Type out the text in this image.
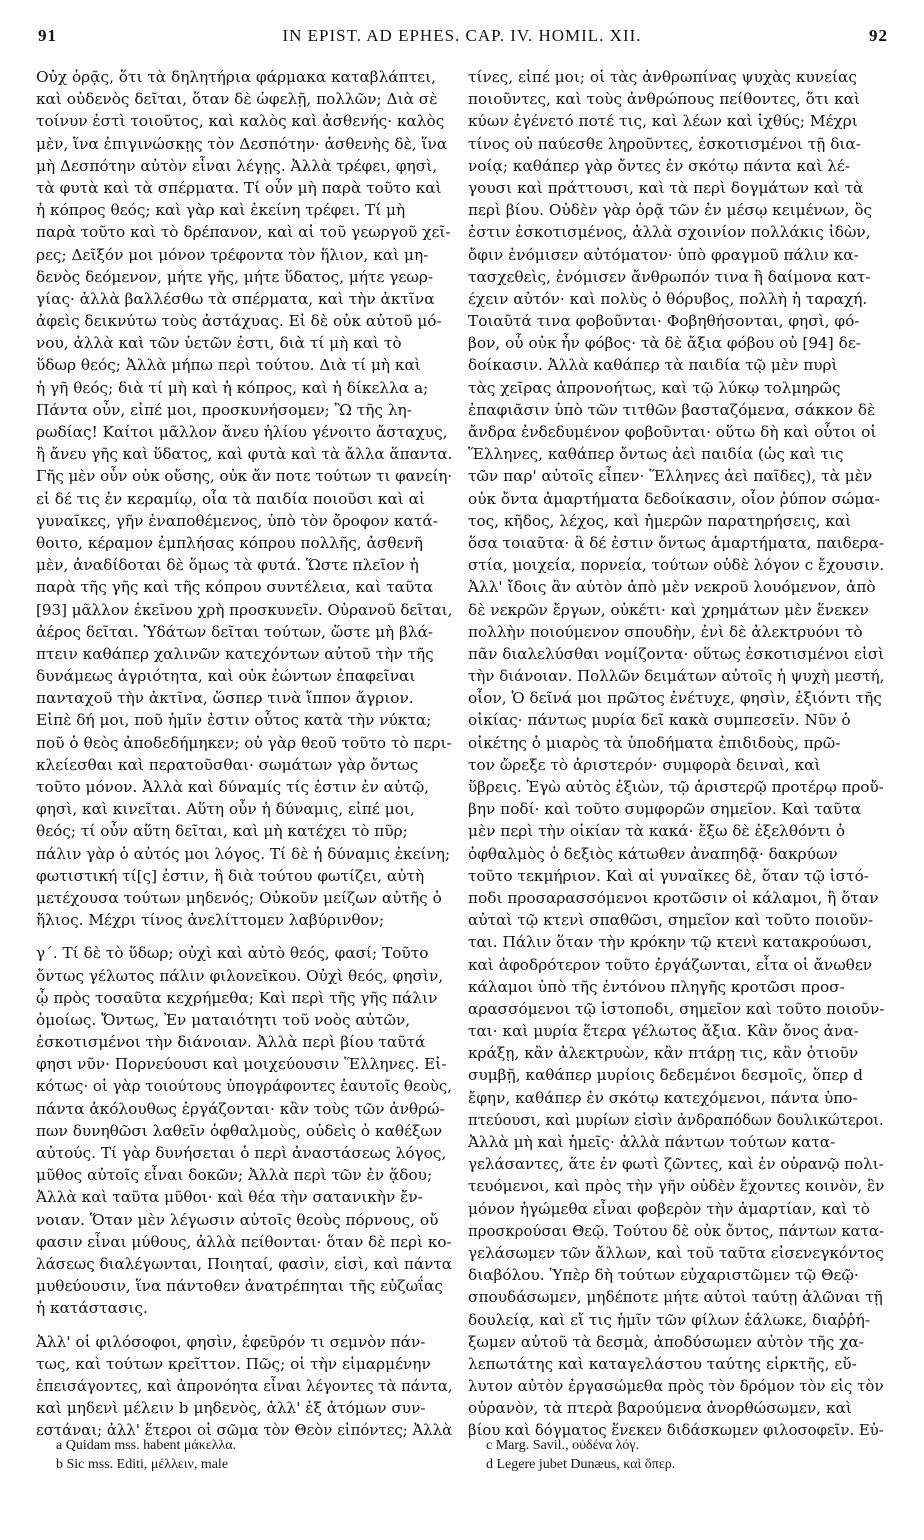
91	IN EPIST. AD EPHES. CAP. IV. HOMIL. XII.	92
Οὐχ ὁρᾷς, ὅτι τὰ δηλητήρια φάρμακα καταβλάπτει,
καὶ οὐδενὸς δεῖται, ὅταν δὲ ὠφελῇ, πολλῶν; Διὰ σὲ
τοίνυν ἐστὶ τοιοῦτος, καὶ καλὸς καὶ ἀσθενής· καλὸς
μὲν, ἵνα ἐπιγινώσκῃς τὸν Δεσπότην· ἀσθενὴς δὲ, ἵνα
μὴ Δεσπότην αὐτὸν εἶναι λέγῃς. Ἀλλὰ τρέφει, φησὶ,
τὰ φυτὰ καὶ τὰ σπέρματα. Τί οὖν μὴ παρὰ τοῦτο καὶ
ἡ κόπρος θεός; καὶ γὰρ καὶ ἐκείνη τρέφει. Τί μὴ
παρὰ τοῦτο καὶ τὸ δρέπανον, καὶ αἱ τοῦ γεωργοῦ χεῖ-
ρες; Δεῖξόν μοι μόνον τρέφοντα τὸν ἥλιον, καὶ μη-
δενὸς δεόμενον, μήτε γῆς, μήτε ὕδατος, μήτε γεωρ-
γίας· ἀλλὰ βαλλέσθω τὰ σπέρματα, καὶ τὴν ἀκτῖνα
ἀφεὶς δεικνύτω τοὺς ἀστάχυας. Εἰ δὲ οὐκ αὐτοῦ μό-
νου, ἀλλὰ καὶ τῶν ὑετῶν ἐστι, διὰ τί μὴ καὶ τὸ
ὕδωρ θεός; Ἀλλὰ μήπω περὶ τούτου. Διὰ τί μὴ καὶ
ἡ γῆ θεός; διὰ τί μὴ καὶ ἡ κόπρος, καὶ ἡ δίκελλα a;
Πάντα οὖν, εἰπέ μοι, προσκυνήσομεν; Ὢ τῆς λη-
ρωδίας! Καίτοι μᾶλλον ἄνευ ἡλίου γένοιτο ἄσταχυς,
ἢ ἄνευ γῆς καὶ ὕδατος, καὶ φυτὰ καὶ τὰ ἄλλα ἅπαντα.
Γῆς μὲν οὖν οὐκ οὔσης, οὐκ ἄν ποτε τούτων τι φανείη·
εἰ δέ τις ἐν κεραμίῳ, οἷα τὰ παιδία ποιοῦσι καὶ αἱ
γυναῖκες, γῆν ἐναποθέμενος, ὑπὸ τὸν ὄροφον κατά-
θοιτο, κέραμον ἐμπλήσας κόπρου πολλῆς, ἀσθενῆ
μὲν, ἀναδίδοται δὲ ὅμως τὰ φυτά. Ὥστε πλεῖον ἡ
παρὰ τῆς γῆς καὶ τῆς κόπρου συντέλεια, καὶ ταῦτα
[93] μᾶλλον ἐκεῖνου χρὴ προσκυνεῖν. Οὐρανοῦ δεῖται,
ἀέρος δεῖται. Ὑδάτων δεῖται τούτων, ὥστε μὴ βλά-
πτειν καθάπερ χαλινῶν κατεχόντων αὐτοῦ τὴν τῆς
δυνάμεως ἀγριότητα, καὶ οὐκ ἐώντων ἐπαφεῖναι
πανταχοῦ τὴν ἀκτῖνα, ὥσπερ τινὰ ἵππον ἄγριον.
Εἰπὲ δή μοι, ποῦ ἡμῖν ἐστιν οὗτος κατὰ τὴν νύκτα;
ποῦ ὁ θεὸς ἀποδεδήμηκεν; οὐ γὰρ θεοῦ τοῦτο τὸ περι-
κλείεσθαι καὶ περατοῦσθαι· σωμάτων γὰρ ὄντως
τοῦτο μόνον. Ἀλλὰ καὶ δύναμίς τίς ἐστιν ἐν αὐτῷ,
φησὶ, καὶ κινεῖται. Αὕτη οὖν ἡ δύναμις, εἰπέ μοι,
θεός; τί οὖν αὕτη δεῖται, καὶ μὴ κατέχει τὸ πῦρ;
πάλιν γὰρ ὁ αὐτός μοι λόγος. Τί δὲ ἡ δύναμις ἐκείνη;
φωτιστική τί[ς] ἐστιν, ἢ διὰ τούτου φωτίζει, αὐτὴ
μετέχουσα τούτων μηδενός; Οὐκοῦν μείζων αὐτῆς ὁ
ἥλιος. Μέχρι τίνος ἀνελίττομεν λαβύρινθον;
γ΄. Τί δὲ τὸ ὕδωρ; οὐχὶ καὶ αὐτὸ θεός, φασί; Τοῦτο
ὄντως γέλωτος πάλιν φιλονεῖκου. Οὐχὶ θεός, φησὶν,
ᾧ πρὸς τοσαῦτα κεχρήμεθα; Καὶ περὶ τῆς γῆς πάλιν
ὁμοίως. Ὄντως, Ἐν ματαιότητι τοῦ νοὸς αὐτῶν,
ἐσκοτισμένοι τὴν διάνοιαν. Ἀλλὰ περὶ βίου ταῦτά
φησι νῦν· Πορνεύουσι καὶ μοιχεύουσιν Ἕλληνες. Εἰ-
κότως· οἱ γὰρ τοιούτους ὑπογράφοντες ἑαυτοῖς θεοὺς,
πάντα ἀκόλουθως ἐργάζονται· κἂν τοὺς τῶν ἀνθρώ-
πων δυνηθῶσι λαθεῖν ὀφθαλμοὺς, οὐδεὶς ὁ καθέξων
αὐτούς. Τί γὰρ δυνήσεται ὁ περὶ ἀναστάσεως λόγος,
μῦθος αὐτοῖς εἶναι δοκῶν; Ἀλλὰ περὶ τῶν ἐν ᾅδου;
Ἀλλὰ καὶ ταῦτα μῦθοι· καὶ θέα τὴν σατανικὴν ἔν-
νοιαν. Ὅταν μὲν λέγωσιν αὐτοῖς θεοὺς πόρνους, οὔ
φασιν εἶναι μύθους, ἀλλὰ πείθονται· ὅταν δὲ περὶ κο-
λάσεως διαλέγωνται, Ποιηταί, φασὶν, εἰσὶ, καὶ πάντα
μυθεύουσιν, ἵνα πάντοθεν ἀνατρέπηται τῆς εὐζωΐας
ἡ κατάστασις.
Ἀλλ' οἱ φιλόσοφοι, φησὶν, ἐφεῦρόν τι σεμνὸν πάν-
τως, καὶ τούτων κρεῖττον. Πῶς; οἱ τὴν εἱμαρμένην
ἐπεισάγοντες, καὶ ἀπρονόητα εἶναι λέγοντες τὰ πάντα,
καὶ μηδενὶ μέλειν b μηδενὸς, ἀλλ' ἐξ ἀτόμων συν-
εστάναι; ἀλλ' ἕτεροι οἱ σῶμα τὸν Θεὸν εἰπόντες; Ἀλλὰ
τίνες, εἰπέ μοι; οἱ τὰς ἀνθρωπίνας ψυχὰς κυνείας
ποιοῦντες, καὶ τοὺς ἀνθρώπους πείθοντες, ὅτι καὶ
κύων ἐγένετό ποτέ τις, καὶ λέων καὶ ἰχθύς; Μέχρι
τίνος οὐ παύεσθε ληροῦντες, ἐσκοτισμένοι τῇ δια-
νοίᾳ; καθάπερ γὰρ ὄντες ἐν σκότῳ πάντα καὶ λέ-
γουσι καὶ πράττουσι, καὶ τὰ περὶ δογμάτων καὶ τὰ
περὶ βίου. Οὐδὲν γὰρ ὁρᾷ τῶν ἐν μέσῳ κειμένων, ὃς
ἐστιν ἐσκοτισμένος, ἀλλὰ σχοινίον πολλάκις ἰδὼν,
ὄφιν ἐνόμισεν αὐτόματον· ὑπὸ φραγμοῦ πάλιν κα-
τασχεθεὶς, ἐνόμισεν ἄνθρωπόν τινα ἢ δαίμονα κατ-
έχειν αὐτόν· καὶ πολὺς ὁ θόρυβος, πολλὴ ἡ ταραχή.
Τοιαῦτά τινα φοβοῦνται· Φοβηθήσονται, φησὶ, φό-
βον, οὗ οὐκ ἦν φόβος· τὰ δὲ ἄξια φόβου οὐ [94] δε-
δοίκασιν. Ἀλλὰ καθάπερ τὰ παιδία τῷ μὲν πυρὶ
τὰς χεῖρας ἀπρονοήτως, καὶ τῷ λύκῳ τολμηρῶς
ἐπαφιᾶσιν ὑπὸ τῶν τιτθῶν βασταζόμενα, σάκκον δὲ
ἄνδρα ἐνδεδυμένον φοβοῦνται· οὕτω δὴ καὶ οὗτοι οἱ
Ἕλληνες, καθάπερ ὄντως ἀεὶ παιδία (ὡς καὶ τις
τῶν παρ' αὐτοῖς εἶπεν· Ἕλληνες ἀεὶ παῖδες), τὰ μὲν
οὐκ ὄντα ἁμαρτήματα δεδοίκασιν, οἷον ῥύπον σώμα-
τος, κῆδος, λέχος, καὶ ἡμερῶν παρατηρήσεις, καὶ
ὅσα τοιαῦτα· ἃ δέ ἐστιν ὄντως ἁμαρτήματα, παιδερα-
στία, μοιχεία, πορνεία, τούτων οὐδὲ λόγον c ἔχουσιν.
Ἀλλ' ἴδοις ἂν αὐτὸν ἀπὸ μὲν νεκροῦ λουόμενον, ἀπὸ
δὲ νεκρῶν ἔργων, οὐκέτι· καὶ χρημάτων μὲν ἕνεκεν
πολλὴν ποιούμενον σπουδὴν, ἐνὶ δὲ ἀλεκτρυόνι τὸ
πᾶν διαλελύσθαι νομίζοντα· οὕτως ἐσκοτισμένοι εἰσὶ
τὴν διάνοιαν. Πολλῶν δειμάτων αὐτοῖς ἡ ψυχὴ μεστή,
οἷον, Ὁ δεῖνά μοι πρῶτος ἐνέτυχε, φησὶν, ἐξιόντι τῆς
οἰκίας· πάντως μυρία δεῖ κακὰ συμπεσεῖν. Νῦν ὁ
οἰκέτης ὁ μιαρὸς τὰ ὑποδήματα ἐπιδιδοὺς, πρῶ-
τον ὤρεξε τὸ ἀριστερόν· συμφορὰ δειναὶ, καὶ
ὕβρεις. Ἐγὼ αὐτὸς ἐξιὼν, τῷ ἀριστερῷ προτέρῳ προὔ-
βην ποδί· καὶ τοῦτο συμφορῶν σημεῖον. Καὶ ταῦτα
μὲν περὶ τὴν οἰκίαν τὰ κακά· ἔξω δὲ ἐξελθόντι ὁ
ὀφθαλμὸς ὁ δεξιὸς κάτωθεν ἀναπηδᾷ· δακρύων
τοῦτο τεκμήριον. Καὶ αἱ γυναῖκες δὲ, ὅταν τῷ ἱστό-
ποδι προσαρασσόμενοι κροτῶσιν οἱ κάλαμοι, ἢ ὅταν
αὐταὶ τῷ κτενὶ σπαθῶσι, σημεῖον καὶ τοῦτο ποιοῦν-
ται. Πάλιν ὅταν τὴν κρόκην τῷ κτενὶ κατακρούωσι,
καὶ ἀφοδρότερον τοῦτο ἐργάζωνται, εἶτα οἱ ἄνωθεν
κάλαμοι ὑπὸ τῆς ἐντόνου πληγῆς κροτῶσι προσ-
αρασσόμενοι τῷ ἱστοποδι, σημεῖον καὶ τοῦτο ποιοῦν-
ται· καὶ μυρία ἕτερα γέλωτος ἄξια. Κἂν ὄνος ἀνα-
κράξῃ, κἂν ἀλεκτρυὼν, κἂν πτάρῃ τις, κἂν ὁτιοῦν
συμβῇ, καθάπερ μυρίοις δεδεμένοι δεσμοῖς, ὅπερ d
ἔφην, καθάπερ ἐν σκότῳ κατεχόμενοι, πάντα ὑπο-
πτεύουσι, καὶ μυρίων εἰσὶν ἀνδραπόδων δουλικώτεροι.
Ἀλλὰ μὴ καὶ ἡμεῖς· ἀλλὰ πάντων τούτων κατα-
γελάσαντες, ἅτε ἐν φωτὶ ζῶντες, καὶ ἐν οὐρανῷ πολι-
τευόμενοι, καὶ πρὸς τὴν γῆν οὐδὲν ἔχοντες κοινὸν, ἓν
μόνον ἡγώμεθα εἶναι φοβερὸν τὴν ἁμαρτίαν, καὶ τὸ
προσκρούσαι Θεῷ. Τούτου δὲ οὐκ ὄντος, πάντων κατα-
γελάσωμεν τῶν ἄλλων, καὶ τοῦ ταῦτα εἰσενεγκόντος
διαβόλου. Ὑπὲρ δὴ τούτων εὐχαριστῶμεν τῷ Θεῷ·
σπουδάσωμεν, μηδέποτε μήτε αὐτοὶ ταύτῃ ἁλῶναι τῇ
δουλείᾳ, καὶ εἴ τις ἡμῖν τῶν φίλων ἑάλωκε, διαῤῥή-
ξωμεν αὐτοῦ τὰ δεσμὰ, ἀποδύσωμεν αὐτὸν τῆς χα-
λεπωτάτης καὶ καταγελάστου ταύτης εἱρκτῆς, εὔ-
λυτον αὐτὸν ἐργασώμεθα πρὸς τὸν δρόμον τὸν εἰς τὸν
οὐρανὸν, τὰ πτερὰ βαρούμενα ἀνορθώσωμεν, καὶ
βίου καὶ δόγματος ἕνεκεν διδάσκωμεν φιλοσοφεῖν. Εὐ-
a Quidam mss. habent μάκελλα.
b Sic mss. Editi, μέλλειν, male
c Marg. Savil., οὐδένα λόγ.
d Legere jubet Dunæus, καὶ ὅπερ.
